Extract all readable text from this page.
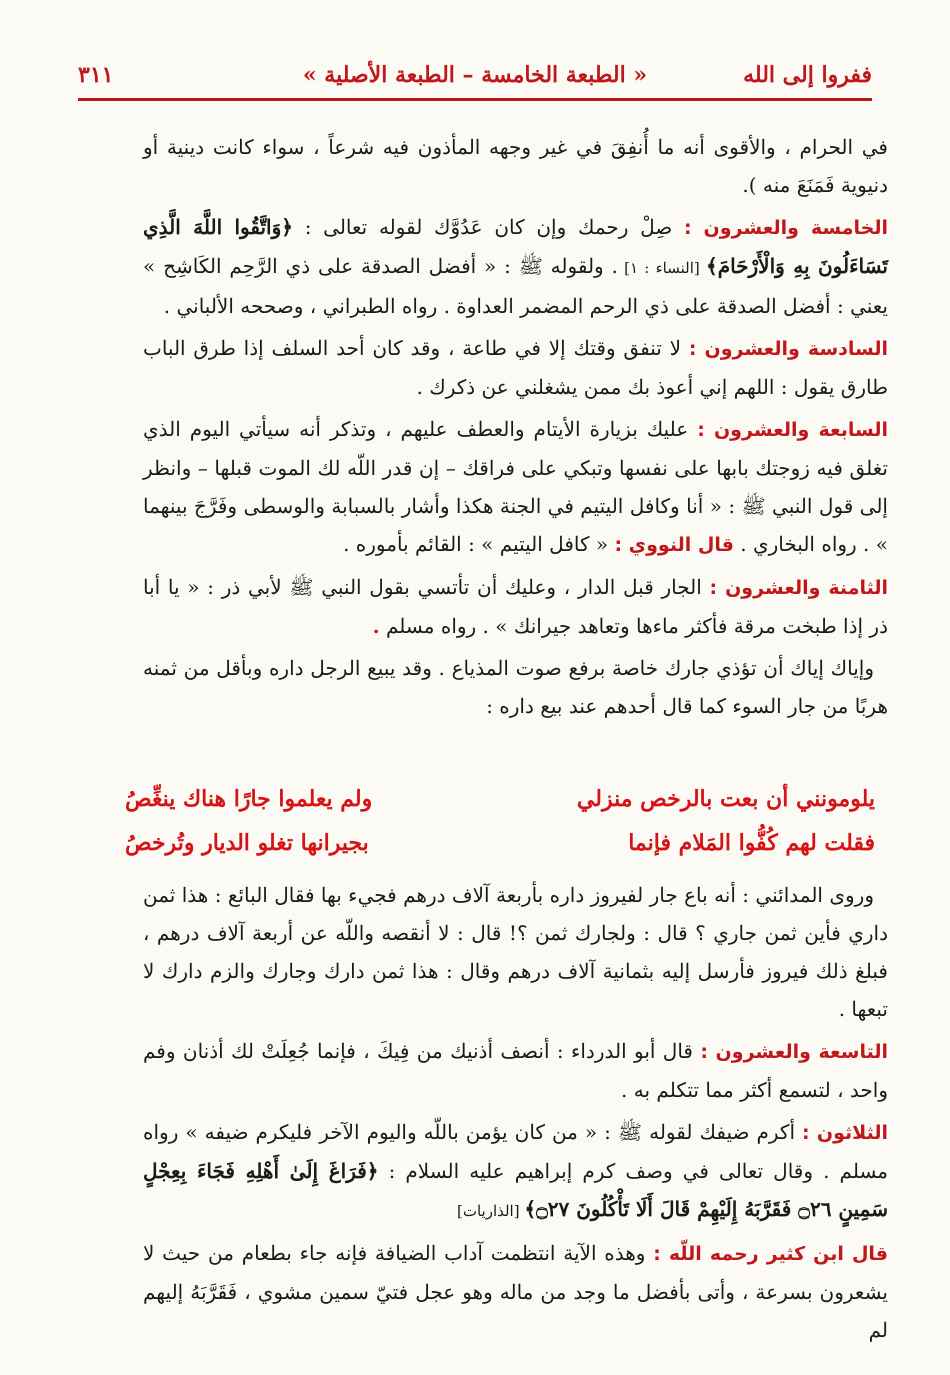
ففروا إلى الله
« الطبعة الخامسة – الطبعة الأصلية »
٣١١

في الحرام ، والأقوى أنه ما أُنفِقَ في غير وجهه المأذون فيه شرعاً ، سواء كانت دينية أو دنيوية فَمَنَعَ منه ).

الخامسة والعشرون : صِلْ رحمك وإن كان عَدُوَّك لقوله تعالى : ﴿وَاتَّقُوا اللَّهَ الَّذِي تَسَاءَلُونَ بِهِ وَالْأَرْحَامَ﴾ [النساء : ١] . ولقوله ﷺ : « أفضل الصدقة على ذي الرَّحِم الكَاشِح » يعني : أفضل الصدقة على ذي الرحم المضمر العداوة . رواه الطبراني ، وصححه الألباني .

السادسة والعشرون : لا تنفق وقتك إلا في طاعة ، وقد كان أحد السلف إذا طرق الباب طارق يقول : اللهم إني أعوذ بك ممن يشغلني عن ذكرك .

السابعة والعشرون : عليك بزيارة الأيتام والعطف عليهم ، وتذكر أنه سيأتي اليوم الذي تغلق فيه زوجتك بابها على نفسها وتبكي على فراقك – إن قدر اللّه لك الموت قبلها – وانظر إلى قول النبي ﷺ : « أنا وكافل اليتيم في الجنة هكذا وأشار بالسبابة والوسطى وفَرَّجَ بينهما » . رواه البخاري . قال النووي : « كافل اليتيم » : القائم بأموره .

الثامنة والعشرون : الجار قبل الدار ، وعليك أن تأتسي بقول النبي ﷺ لأبي ذر : « يا أبا ذر إذا طبخت مرقة فأكثر ماءها وتعاهد جيرانك » . رواه مسلم .

وإياك إياك أن تؤذي جارك خاصة برفع صوت المذياع . وقد يبيع الرجل داره وبأقل من ثمنه هربًا من جار السوء كما قال أحدهم عند بيع داره :

يلومونني أن بعت بالرخص منزلي
ولم يعلموا جارًا هناك ينغِّصُ
فقلت لهم كُفُّوا المَلام فإنما
بجيرانها تغلو الديار وتُرخصُ

وروى المدائني : أنه باع جار لفيروز داره بأربعة آلاف درهم فجيء بها فقال البائع : هذا ثمن داري فأين ثمن جاري ؟ قال : ولجارك ثمن ؟! قال : لا أنقصه واللّه عن أربعة آلاف درهم ، فبلغ ذلك فيروز فأرسل إليه بثمانية آلاف درهم وقال : هذا ثمن دارك وجارك والزم دارك لا تبعها .

التاسعة والعشرون : قال أبو الدرداء : أنصف أذنيك من فِيكَ ، فإنما جُعِلَتْ لك أذنان وفم واحد ، لتسمع أكثر مما تتكلم به .

الثلاثون : أكرم ضيفك لقوله ﷺ : « من كان يؤمن باللّه واليوم الآخر فليكرم ضيفه » رواه مسلم . وقال تعالى في وصف كرم إبراهيم عليه السلام : ﴿فَرَاغَ إِلَىٰ أَهْلِهِ فَجَاءَ بِعِجْلٍ سَمِينٍ ۝٢٦ فَقَرَّبَهُ إِلَيْهِمْ قَالَ أَلَا تَأْكُلُونَ ۝٢٧﴾ [الذاريات]

قال ابن كثير رحمه اللّه : وهذه الآية انتظمت آداب الضيافة فإنه جاء بطعام من حيث لا يشعرون بسرعة ، وأتى بأفضل ما وجد من ماله وهو عجل فتيّ سمين مشوي ، فَقَرَّبَهُ إليهم لم
